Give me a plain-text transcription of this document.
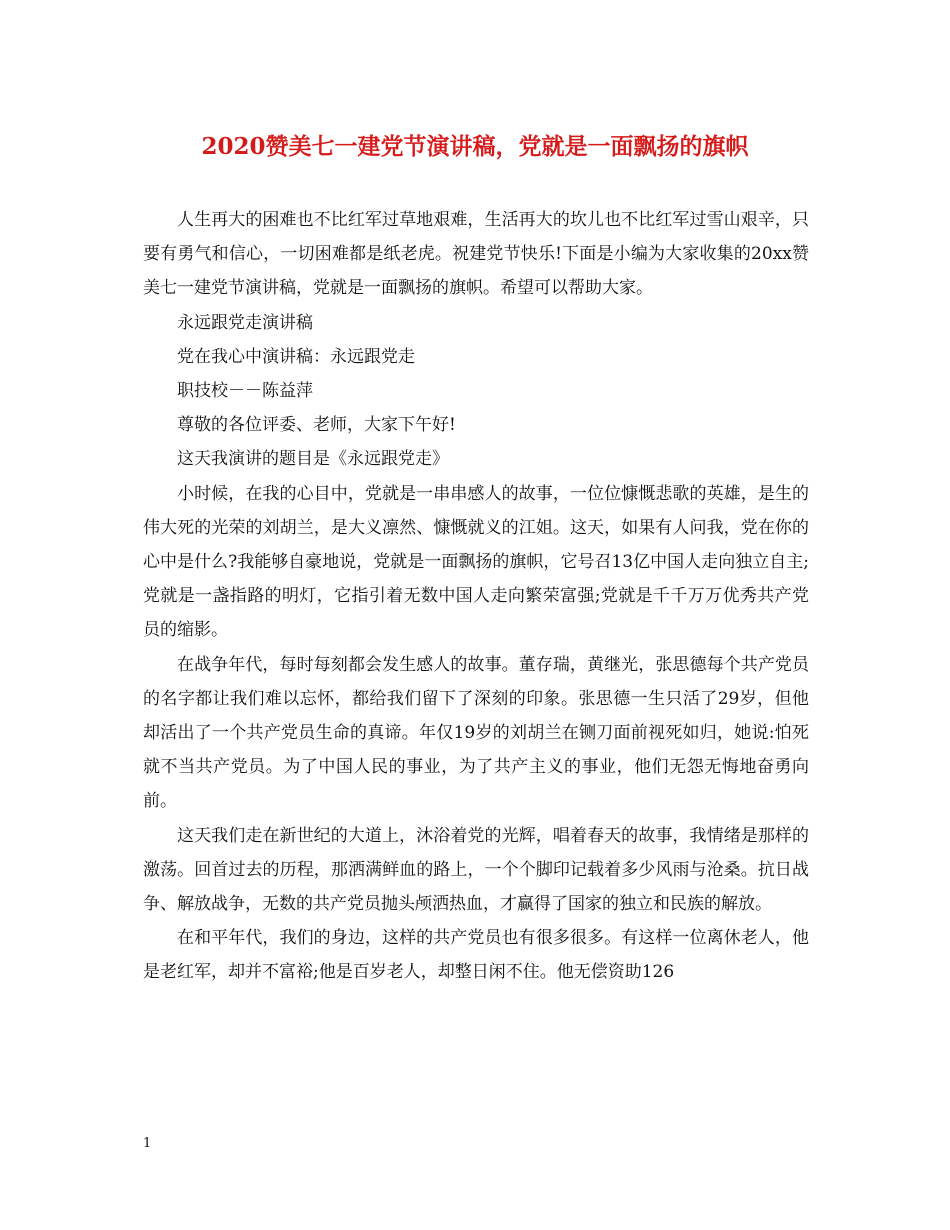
2020赞美七一建党节演讲稿，党就是一面飘扬的旗帜

人生再大的困难也不比红军过草地艰难，生活再大的坎儿也不比红军过雪山艰辛，只要有勇气和信心，一切困难都是纸老虎。祝建党节快乐!下面是小编为大家收集的20xx赞美七一建党节演讲稿，党就是一面飘扬的旗帜。希望可以帮助大家。

永远跟党走演讲稿

党在我心中演讲稿：永远跟党走

职技校－－陈益萍

尊敬的各位评委、老师，大家下午好!

这天我演讲的题目是《永远跟党走》

小时候，在我的心目中，党就是一串串感人的故事，一位位慷慨悲歌的英雄，是生的伟大死的光荣的刘胡兰，是大义凛然、慷慨就义的江姐。这天，如果有人问我，党在你的心中是什么?我能够自豪地说，党就是一面飘扬的旗帜，它号召13亿中国人走向独立自主;党就是一盏指路的明灯，它指引着无数中国人走向繁荣富强;党就是千千万万优秀共产党员的缩影。

在战争年代，每时每刻都会发生感人的故事。董存瑞，黄继光，张思德每个共产党员的名字都让我们难以忘怀，都给我们留下了深刻的印象。张思德一生只活了29岁，但他却活出了一个共产党员生命的真谛。年仅19岁的刘胡兰在铡刀面前视死如归，她说:怕死就不当共产党员。为了中国人民的事业，为了共产主义的事业，他们无怨无悔地奋勇向前。

这天我们走在新世纪的大道上，沐浴着党的光辉，唱着春天的故事，我情绪是那样的激荡。回首过去的历程，那洒满鲜血的路上，一个个脚印记载着多少风雨与沧桑。抗日战争、解放战争，无数的共产党员抛头颅洒热血，才赢得了国家的独立和民族的解放。

在和平年代，我们的身边，这样的共产党员也有很多很多。有这样一位离休老人，他是老红军，却并不富裕;他是百岁老人，却整日闲不住。他无偿资助126

1
